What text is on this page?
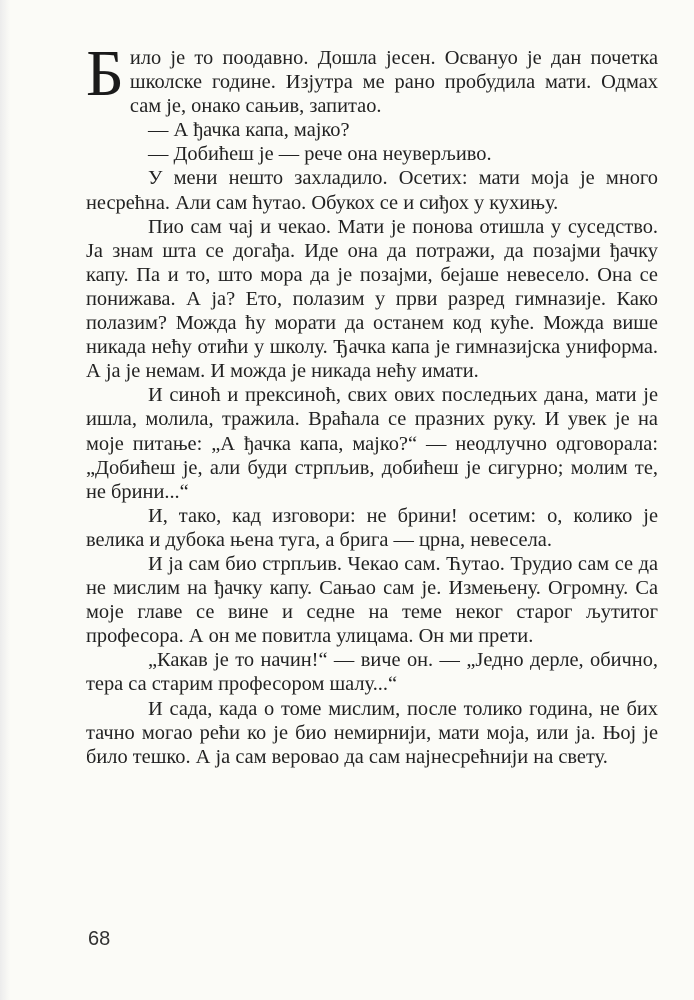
Било је то поодавно. Дошла јесен. Освануо је дан почетка школске године. Изјутра ме рано пробудила мати. Одмах сам је, онако сањив, запитао.

— А ђачка капа, мајко?

— Добићеш је — рече она неуверљиво.

У мени нешто захладило. Осетих: мати моја је много несрећна. Али сам ћутао. Обукох се и сиђох у кухињу.

Пио сам чај и чекао. Мати је понова отишла у суседство. Ја знам шта се догађа. Иде она да потражи, да позајми ђачку капу. Па и то, што мора да је позајми, бејаше невесело. Она се понижава. А ја? Ето, полазим у први разред гимназије. Како полазим? Можда ћу морати да останем код куће. Можда више никада нећу отићи у школу. Ђачка капа је гимназијска униформа. А ја је немам. И можда је никада нећу имати.

И синоћ и прексиноћ, свих ових последњих дана, мати је ишла, молила, тражила. Враћала се празних руку. И увек је на моје питање: „А ђачка капа, мајко?“ — неодлучно одговорала: „Добићеш је, али буди стрпљив, добићеш је сигурно; молим те, не брини...“

И, тако, кад изговори: не брини! осетим: о, колико је велика и дубока њена туга, а брига — црна, невесела.

И ја сам био стрпљив. Чекао сам. Ћутао. Трудио сам се да не мислим на ђачку капу. Сањао сам је. Измењену. Огромну. Са моје главе се вине и седне на теме неког старог љутитог професора. А он ме повитла улицама. Он ми прети.

„Какав је то начин!“ — виче он. — „Једно дерле, обично, тера са старим професором шалу...“

И сада, када о томе мислим, после толико година, не бих тачно могао рећи ко је био немирнији, мати моја, или ја. Њој је било тешко. А ја сам веровао да сам најнесрећнији на свету.

68
